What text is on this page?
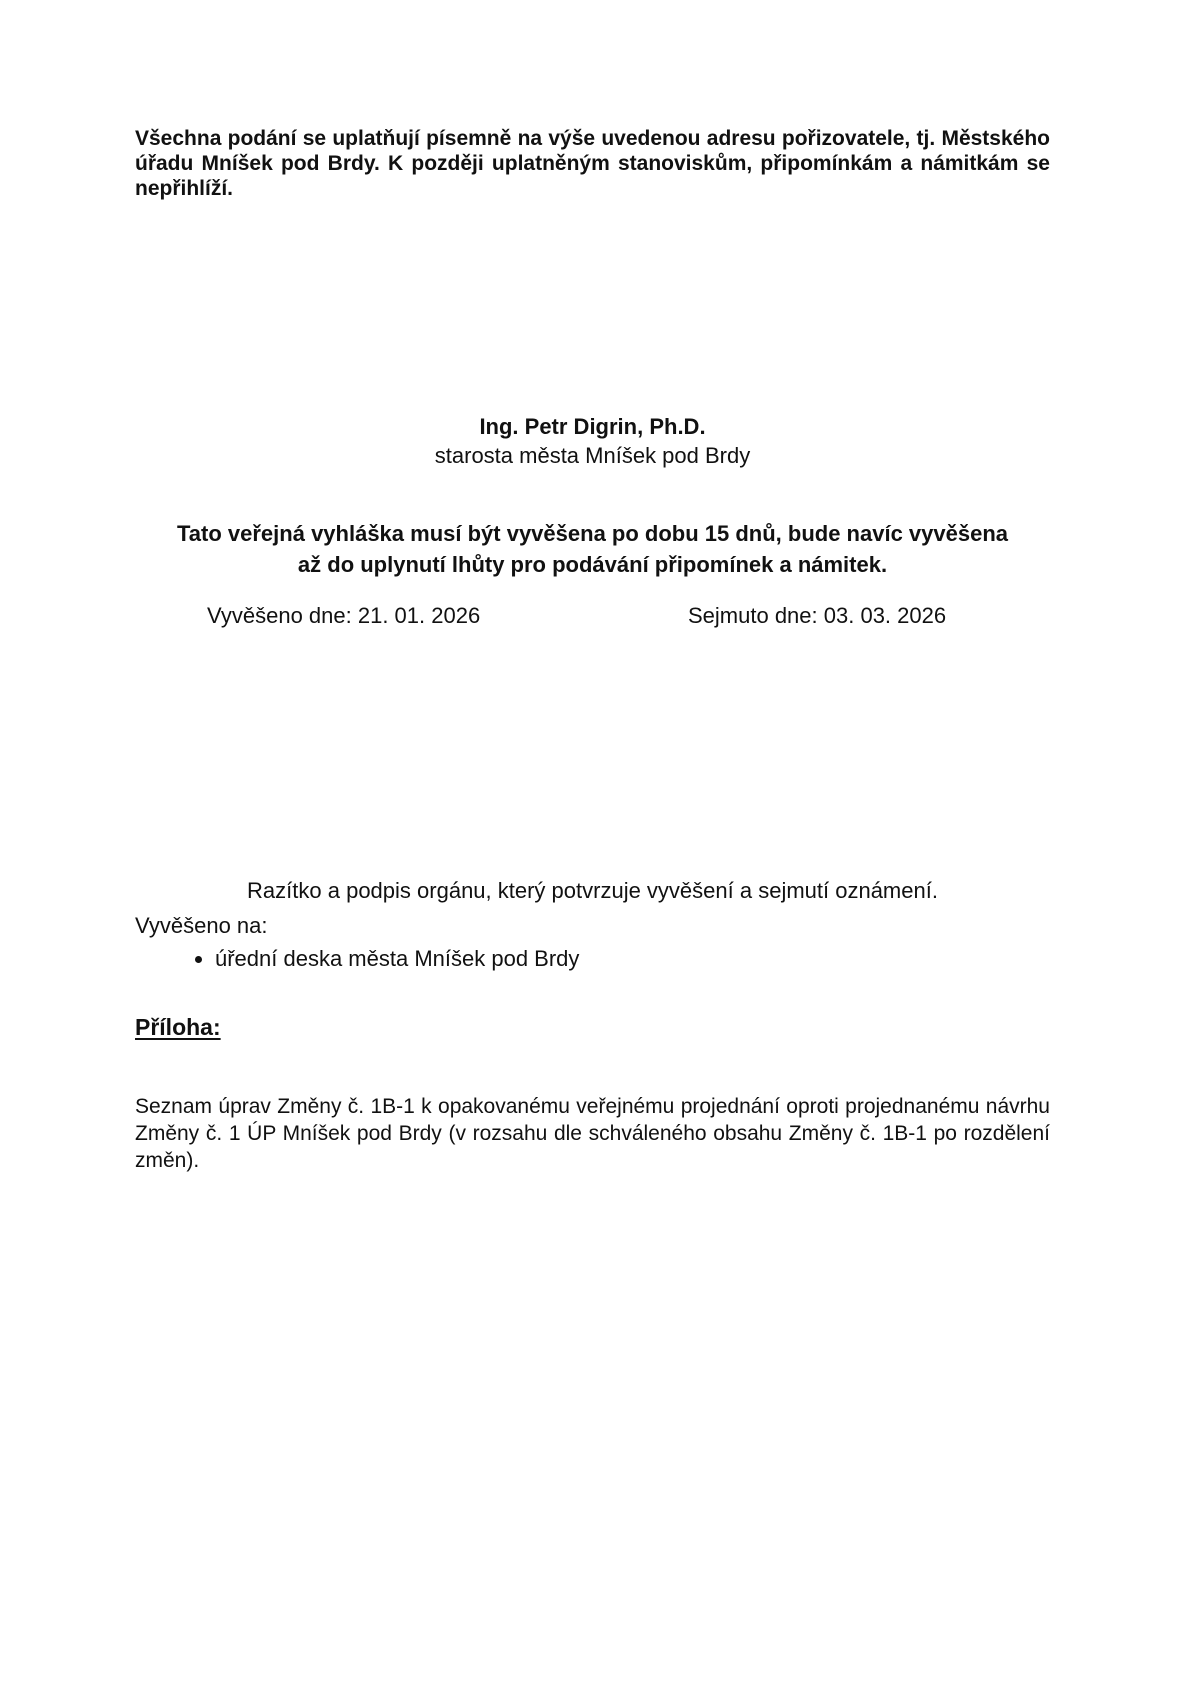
Všechna podání se uplatňují písemně na výše uvedenou adresu pořizovatele, tj. Městského úřadu Mníšek pod Brdy. K později uplatněným stanoviskům, připomínkám a námitkám se nepřihlíží.

Ing. Petr Digrin, Ph.D.
starosta města Mníšek pod Brdy

Tato veřejná vyhláška musí být vyvěšena po dobu 15 dnů, bude navíc vyvěšena až do uplynutí lhůty pro podávání připomínek a námitek.

Vyvěšeno dne: 21. 01. 2026	Sejmuto dne: 03. 03. 2026

Razítko a podpis orgánu, který potvrzuje vyvěšení a sejmutí oznámení.

Vyvěšeno na:
• úřední deska města Mníšek pod Brdy
Příloha:

Seznam úprav Změny č. 1B-1 k opakovanému veřejnému projednání oproti projednanému návrhu Změny č. 1 ÚP Mníšek pod Brdy (v rozsahu dle schváleného obsahu Změny č. 1B-1 po rozdělení změn).
